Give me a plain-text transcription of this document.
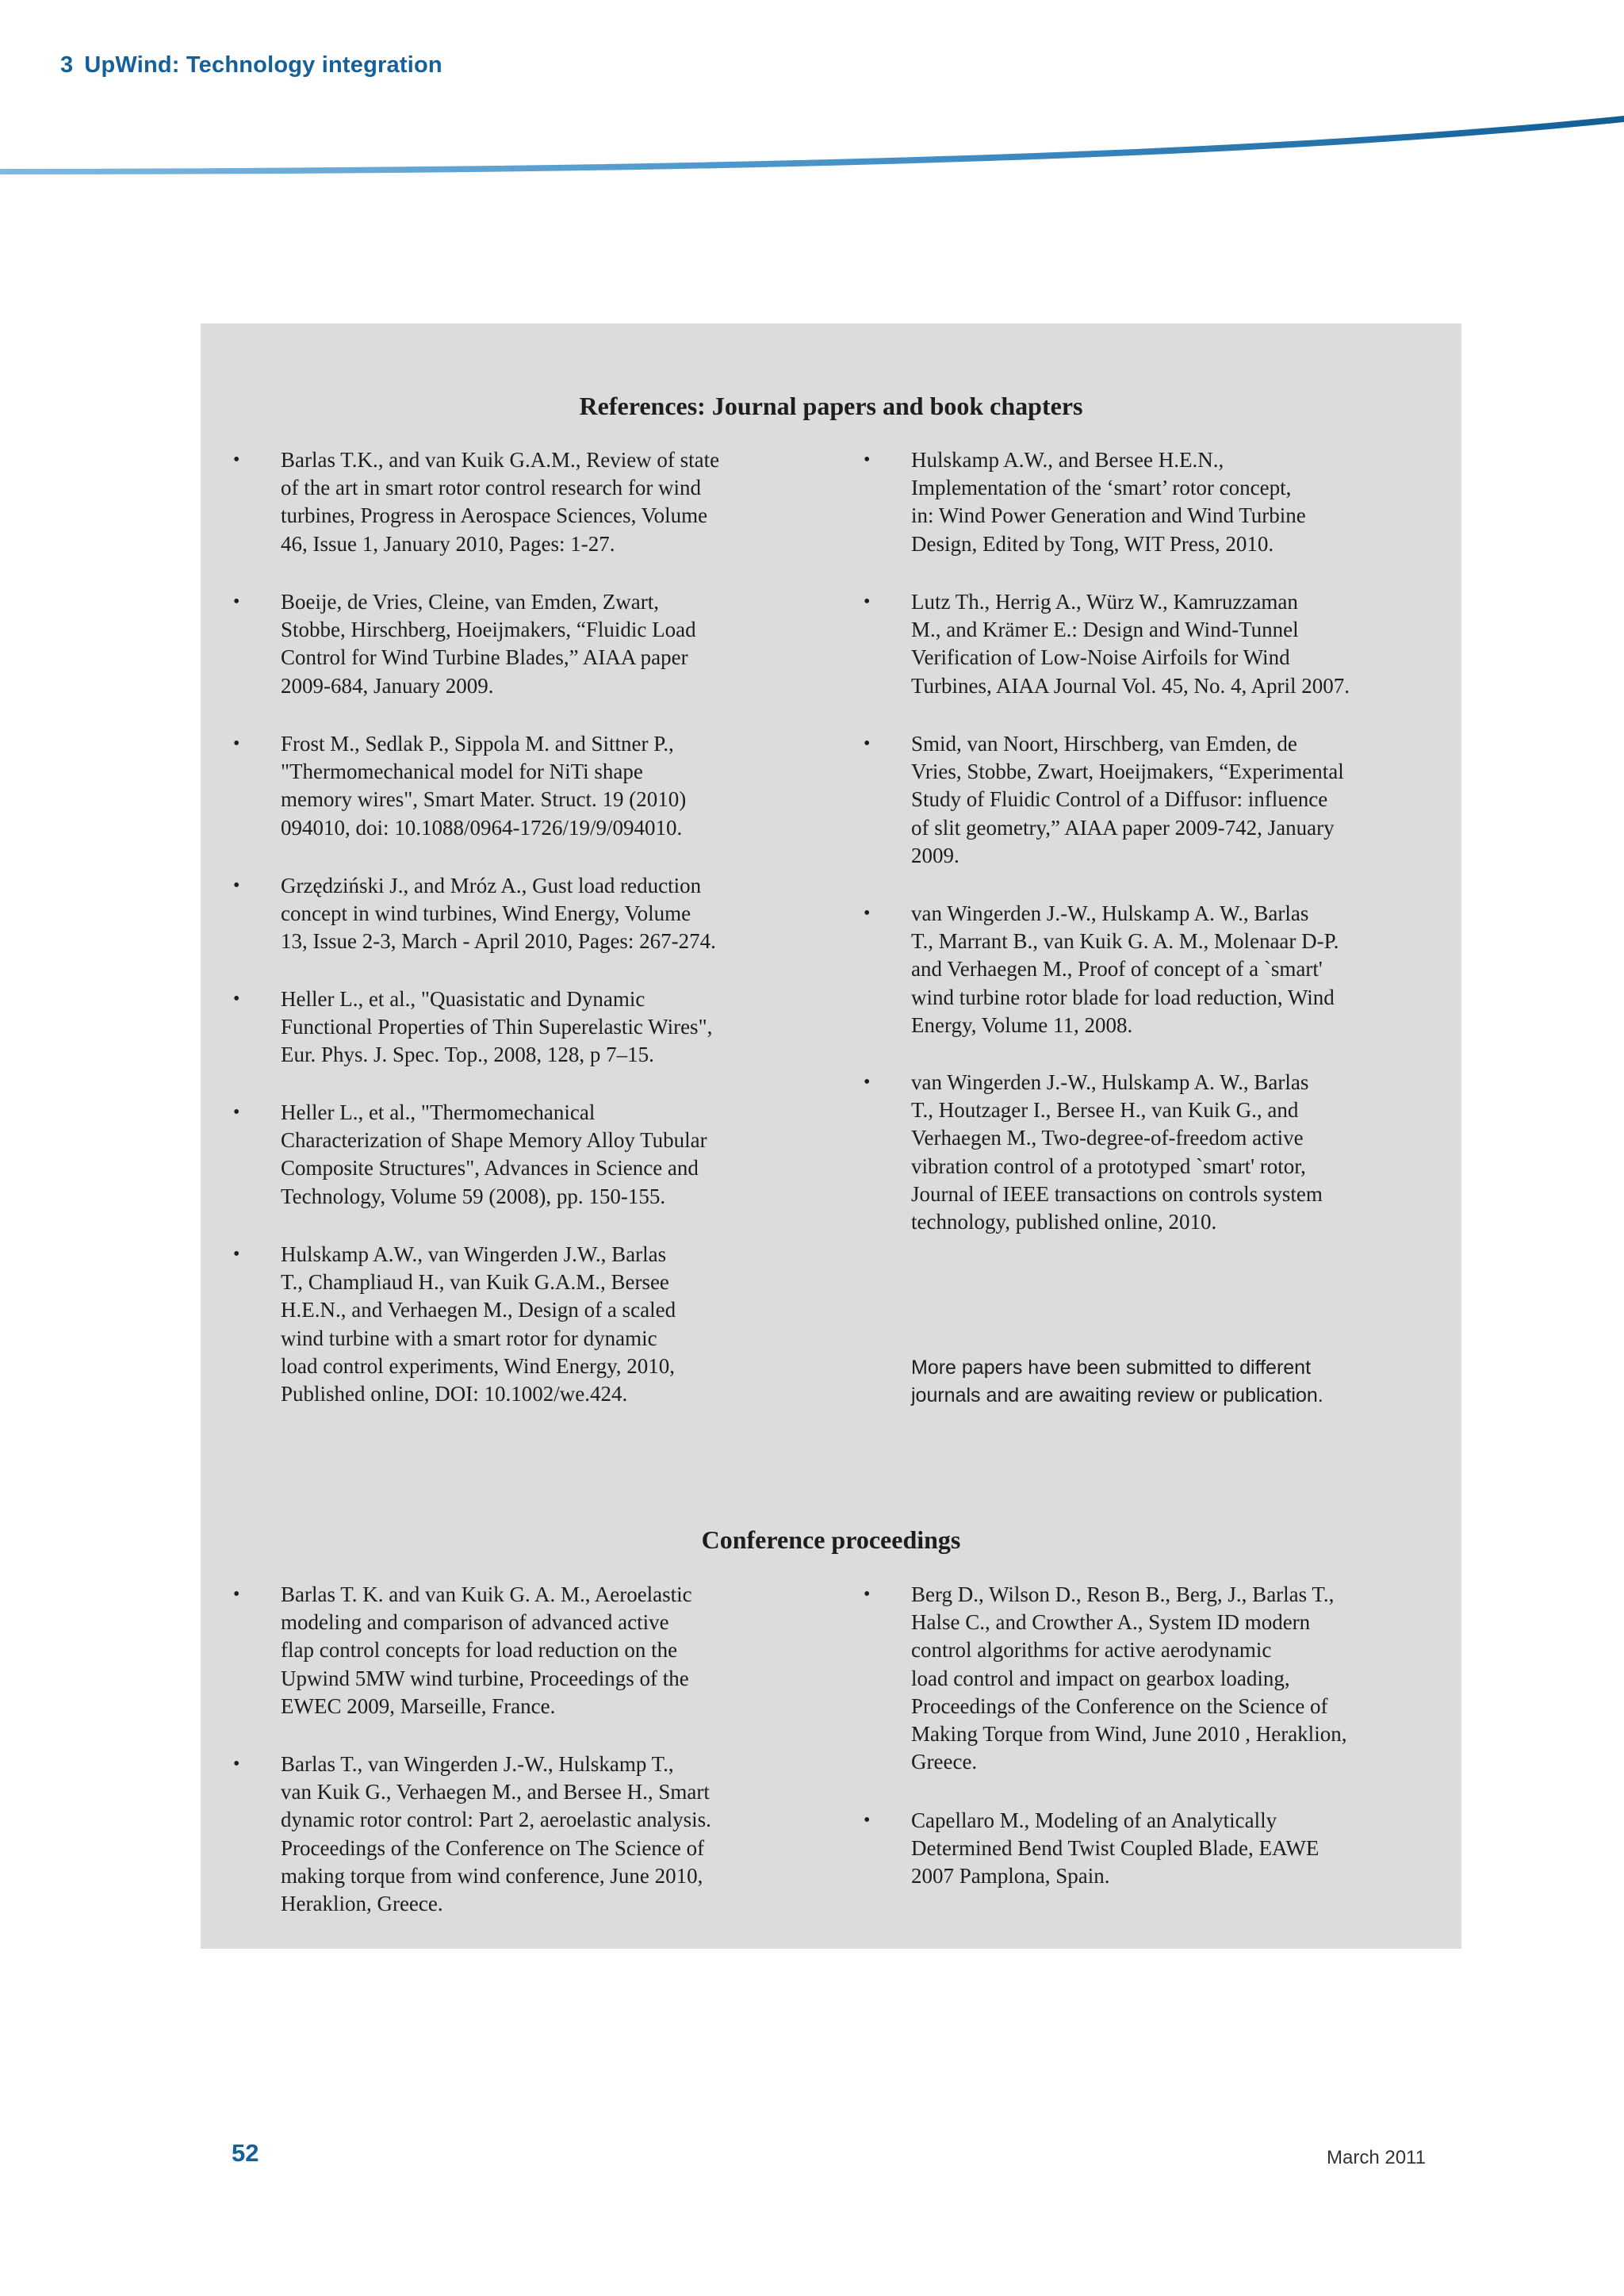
3 UpWind: Technology integration
References: Journal papers and book chapters
• Barlas T.K., and van Kuik G.A.M., Review of state
of the art in smart rotor control research for wind
turbines, Progress in Aerospace Sciences, Volume
46, Issue 1, January 2010, Pages: 1-27.
• Boeije, de Vries, Cleine, van Emden, Zwart,
Stobbe, Hirschberg, Hoeijmakers, “Fluidic Load
Control for Wind Turbine Blades,” AIAA paper
2009-684, January 2009.
• Frost M., Sedlak P., Sippola M. and Sittner P.,
"Thermomechanical model for NiTi shape
memory wires", Smart Mater. Struct. 19 (2010)
094010, doi: 10.1088/0964-1726/19/9/094010.
• Grzędziński J., and Mróz A., Gust load reduction
concept in wind turbines, Wind Energy, Volume
13, Issue 2-3, March - April 2010, Pages: 267-274.
• Heller L., et al., "Quasistatic and Dynamic
Functional Properties of Thin Superelastic Wires",
Eur. Phys. J. Spec. Top., 2008, 128, p 7–15.
• Heller L., et al., "Thermomechanical
Characterization of Shape Memory Alloy Tubular
Composite Structures", Advances in Science and
Technology, Volume 59 (2008), pp. 150-155.
• Hulskamp A.W., van Wingerden J.W., Barlas
T., Champliaud H., van Kuik G.A.M., Bersee
H.E.N., and Verhaegen M., Design of a scaled
wind turbine with a smart rotor for dynamic
load control experiments, Wind Energy, 2010,
Published online, DOI: 10.1002/we.424.
• Hulskamp A.W., and Bersee H.E.N.,
Implementation of the ‘smart’ rotor concept,
in: Wind Power Generation and Wind Turbine
Design, Edited by Tong, WIT Press, 2010.
• Lutz Th., Herrig A., Würz W., Kamruzzaman
M., and Krämer E.: Design and Wind-Tunnel
Verification of Low-Noise Airfoils for Wind
Turbines, AIAA Journal Vol. 45, No. 4, April 2007.
• Smid, van Noort, Hirschberg, van Emden, de
Vries, Stobbe, Zwart, Hoeijmakers, “Experimental
Study of Fluidic Control of a Diffusor: influence
of slit geometry,” AIAA paper 2009-742, January
2009.
• van Wingerden J.-W., Hulskamp A. W., Barlas
T., Marrant B., van Kuik G. A. M., Molenaar D-P.
and Verhaegen M., Proof of concept of a `smart'
wind turbine rotor blade for load reduction, Wind
Energy, Volume 11, 2008.
• van Wingerden J.-W., Hulskamp A. W., Barlas
T., Houtzager I., Bersee H., van Kuik G., and
Verhaegen M., Two-degree-of-freedom active
vibration control of a prototyped `smart' rotor,
Journal of IEEE transactions on controls system
technology, published online, 2010.
More papers have been submitted to different
journals and are awaiting review or publication.
Conference proceedings
• Barlas T. K. and van Kuik G. A. M., Aeroelastic
modeling and comparison of advanced active
flap control concepts for load reduction on the
Upwind 5MW wind turbine, Proceedings of the
EWEC 2009, Marseille, France.
• Barlas T., van Wingerden J.-W., Hulskamp T.,
van Kuik G., Verhaegen M., and Bersee H., Smart
dynamic rotor control: Part 2, aeroelastic analysis.
Proceedings of the Conference on The Science of
making torque from wind conference, June 2010,
Heraklion, Greece.
• Berg D., Wilson D., Reson B., Berg, J., Barlas T.,
Halse C., and Crowther A., System ID modern
control algorithms for active aerodynamic
load control and impact on gearbox loading,
Proceedings of the Conference on the Science of
Making Torque from Wind, June 2010 , Heraklion,
Greece.
• Capellaro M., Modeling of an Analytically
Determined Bend Twist Coupled Blade, EAWE
2007 Pamplona, Spain.
52	March 2011
